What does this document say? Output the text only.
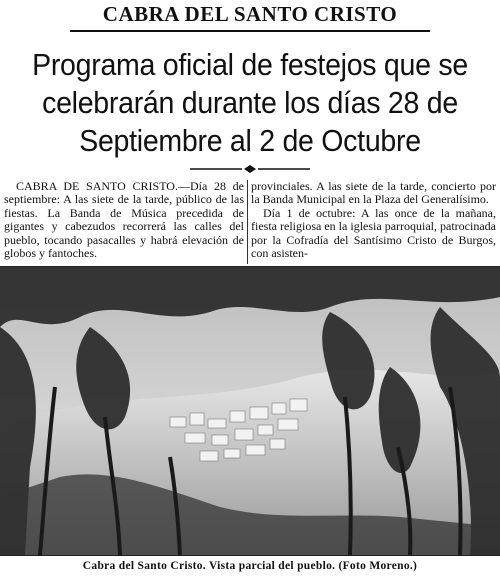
CABRA DEL SANTO CRISTO
Programa oficial de festejos que se
celebrarán durante los días 28 de
Septiembre al 2 de Octubre

CABRA DE SANTO CRISTO.—Día 28 de septiembre: A las siete de la tarde, público de las fiestas. La Banda de Música precedida de gigantes y cabezudos recorrerá las calles del pueblo, tocando pasacalles y habrá elevación de globos y fantoches.

provinciales. A las siete de la tarde, concierto por la Banda Municipal en la Plaza del Generalísimo.

Día 1 de octubre: A las once de la mañana, fiesta religiosa en la iglesia parroquial, patrocinada por la Cofradía del Santísimo Cristo de Burgos, con asisten-

Cabra del Santo Cristo. Vista parcial del pueblo. (Foto Moreno.)
